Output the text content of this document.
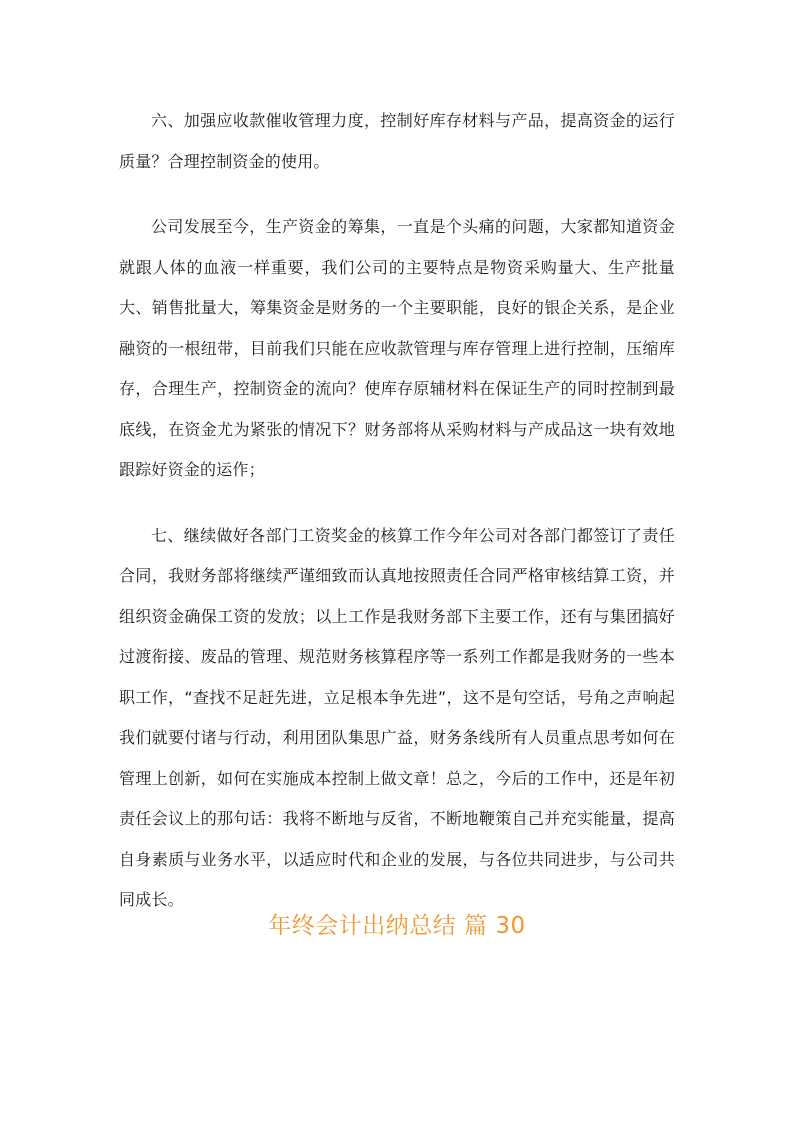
六、加强应收款催收管理力度，控制好库存材料与产品，提高资金的运行质量？合理控制资金的使用。

公司发展至今，生产资金的筹集，一直是个头痛的问题，大家都知道资金就跟人体的血液一样重要，我们公司的主要特点是物资采购量大、生产批量大、销售批量大，筹集资金是财务的一个主要职能，良好的银企关系，是企业融资的一根纽带，目前我们只能在应收款管理与库存管理上进行控制，压缩库存，合理生产，控制资金的流向？使库存原辅材料在保证生产的同时控制到最底线，在资金尤为紧张的情况下？财务部将从采购材料与产成品这一块有效地跟踪好资金的运作；

七、继续做好各部门工资奖金的核算工作今年公司对各部门都签订了责任合同，我财务部将继续严谨细致而认真地按照责任合同严格审核结算工资，并组织资金确保工资的发放；以上工作是我财务部下主要工作，还有与集团搞好过渡衔接、废品的管理、规范财务核算程序等一系列工作都是我财务的一些本职工作，“查找不足赶先进，立足根本争先进”，这不是句空话，号角之声响起我们就要付诸与行动，利用团队集思广益，财务条线所有人员重点思考如何在管理上创新，如何在实施成本控制上做文章！总之，今后的工作中，还是年初责任会议上的那句话：我将不断地与反省，不断地鞭策自己并充实能量，提高自身素质与业务水平，以适应时代和企业的发展，与各位共同进步，与公司共同成长。

年终会计出纳总结 篇 30
